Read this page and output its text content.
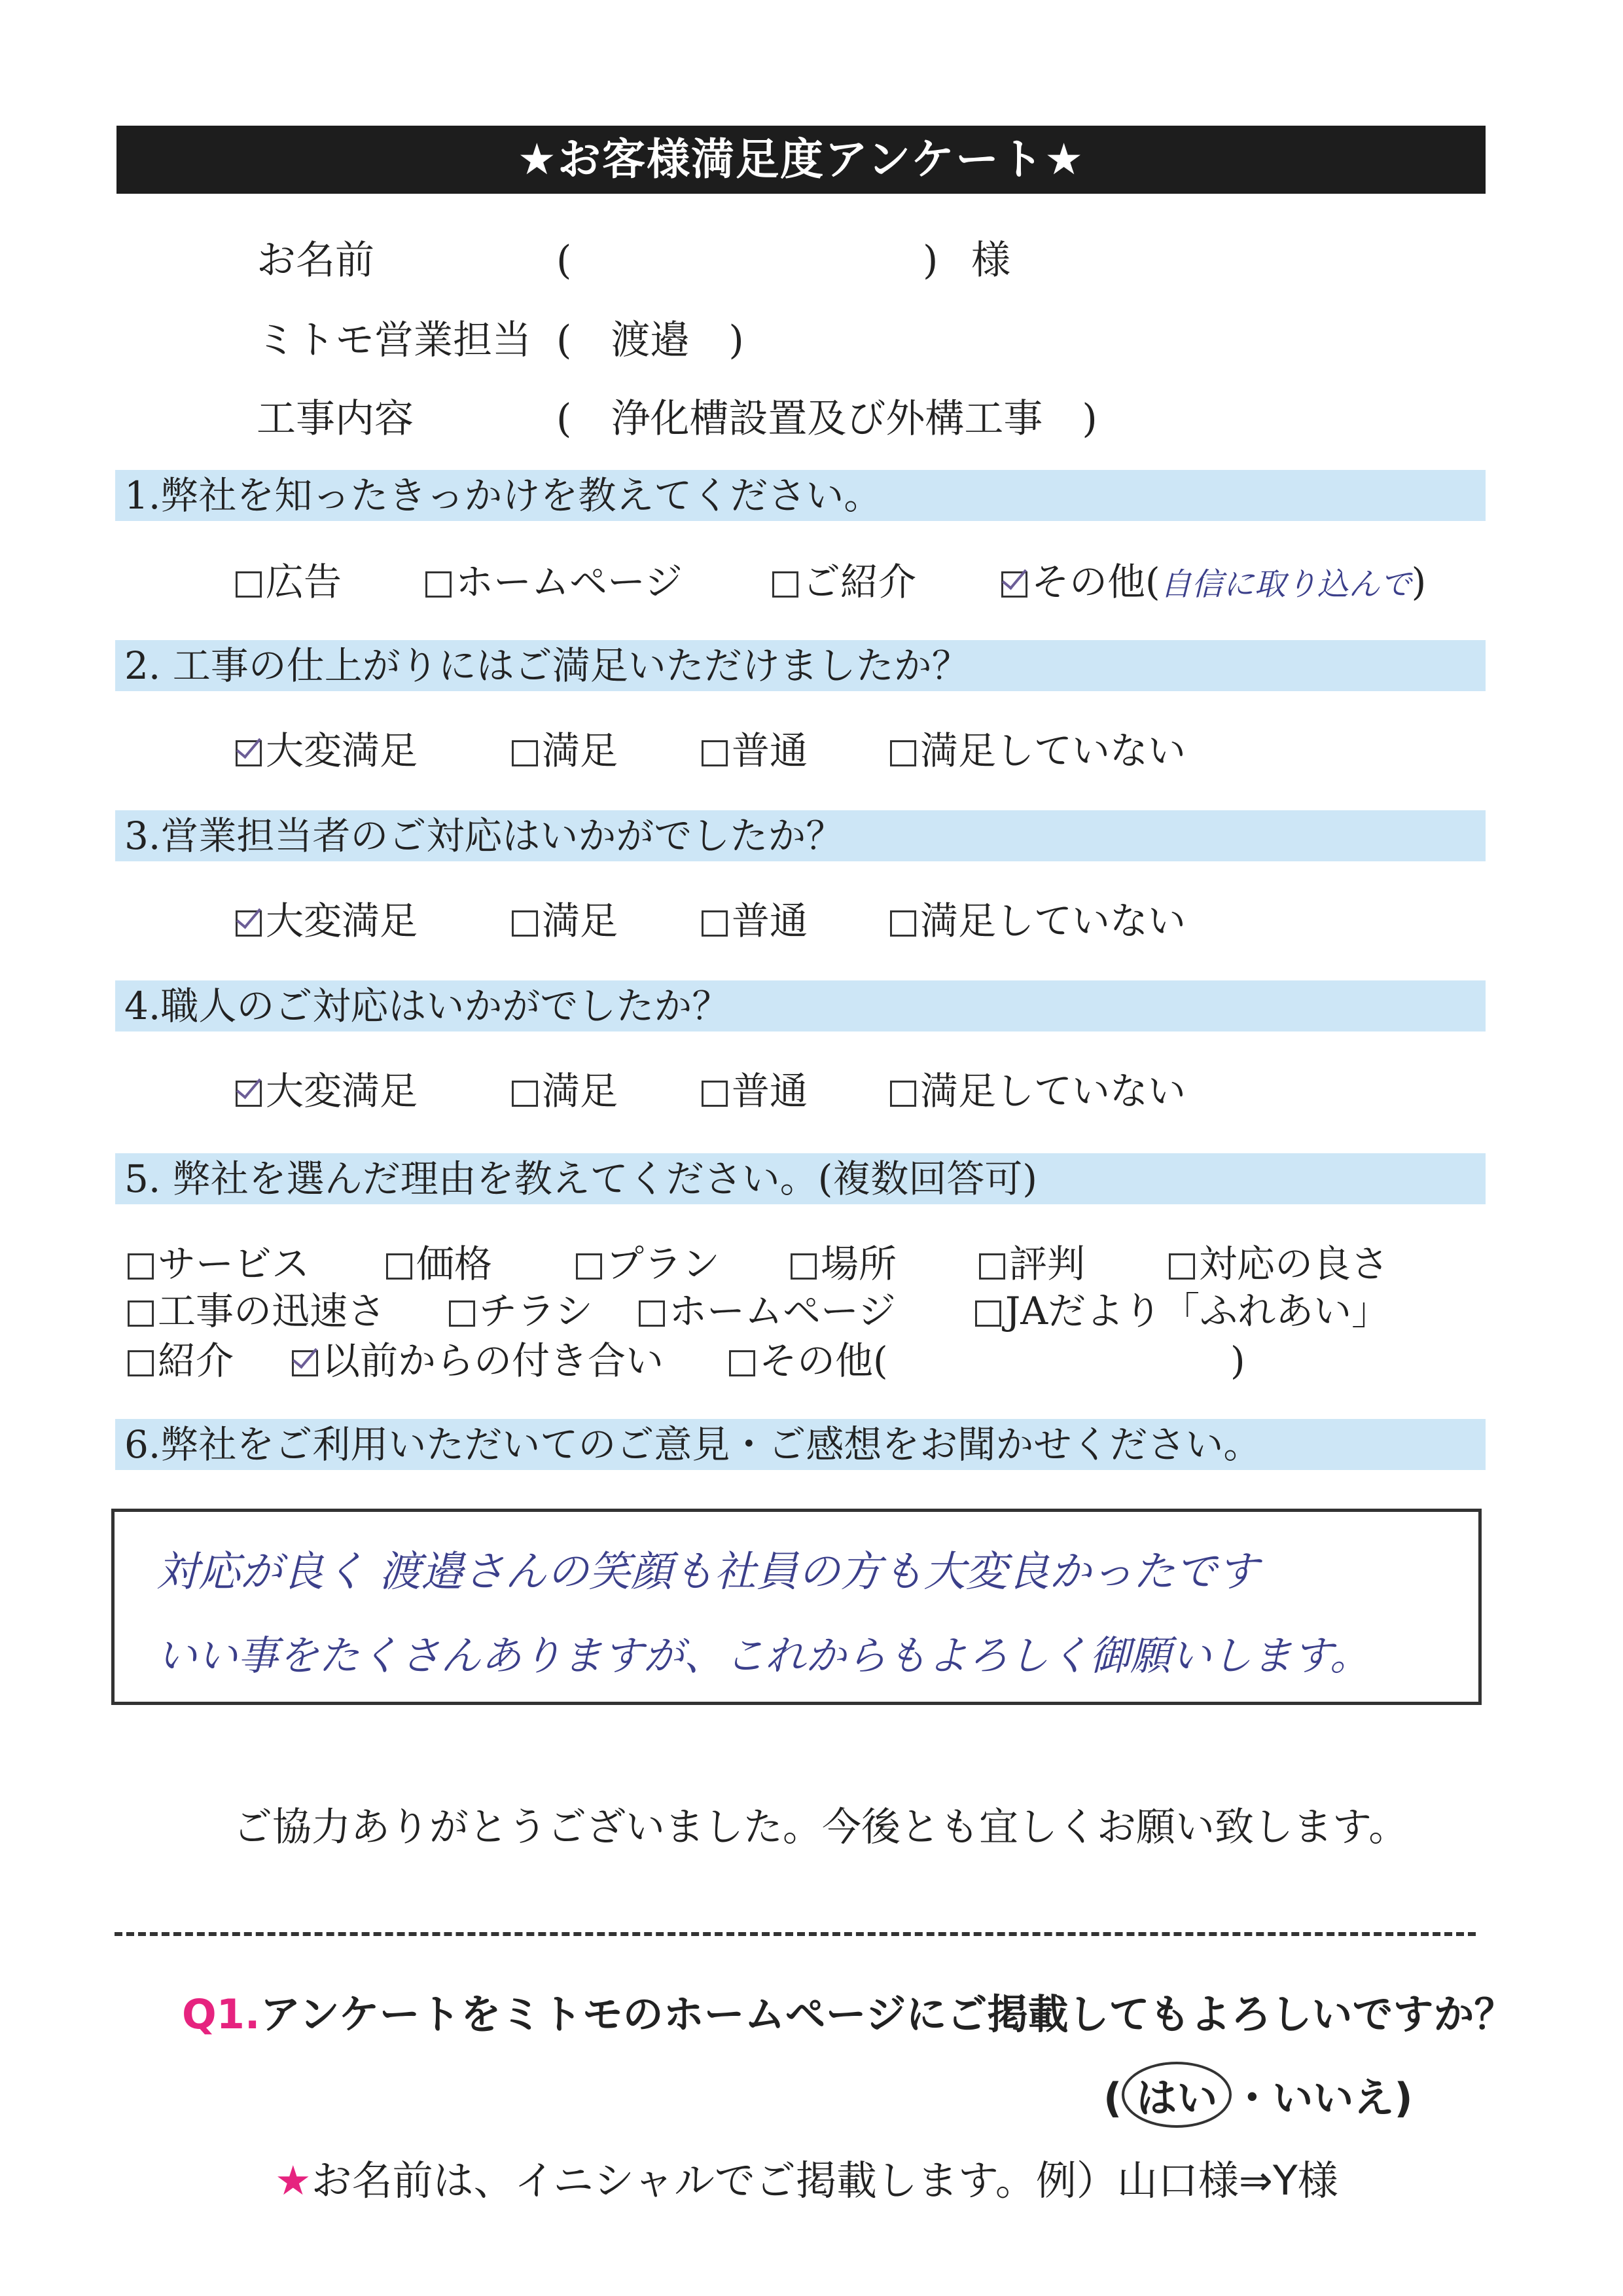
★お客様満足度アンケート★
お名前	(	) 様
ミトモ営業担当 (　渡邉　)
工事内容	(　浄化槽設置及び外構工事　)
1.弊社を知ったきっかけを教えてください。
広告	ホームページ	ご紹介	その他(自信に取り込んで)
2. 工事の仕上がりにはご満足いただけましたか？
大変満足	満足	普通	満足していない
3.営業担当者のご対応はいかがでしたか？
大変満足	満足	普通	満足していない
4.職人のご対応はいかがでしたか？
大変満足	満足	普通	満足していない
5. 弊社を選んだ理由を教えてください。(複数回答可)
サービス	価格	プラン	場所	評判	対応の良さ
工事の迅速さ	チラシ	ホームページ	JAだより「ふれあい」
紹介	以前からの付き合い	その他(	)
6.弊社をご利用いただいてのご意見・ご感想をお聞かせください。
対応が良く 渡邉さんの笑顔も社員の方も大変良かったです
いい事をたくさんありますが、これからもよろしく御願いします。
ご協力ありがとうございました。今後とも宜しくお願い致します。
Q1.アンケートをミトモのホームページにご掲載してもよろしいですか？
( はい ・いいえ)
★お名前は、イニシャルでご掲載します。例）山口様⇒Y様
